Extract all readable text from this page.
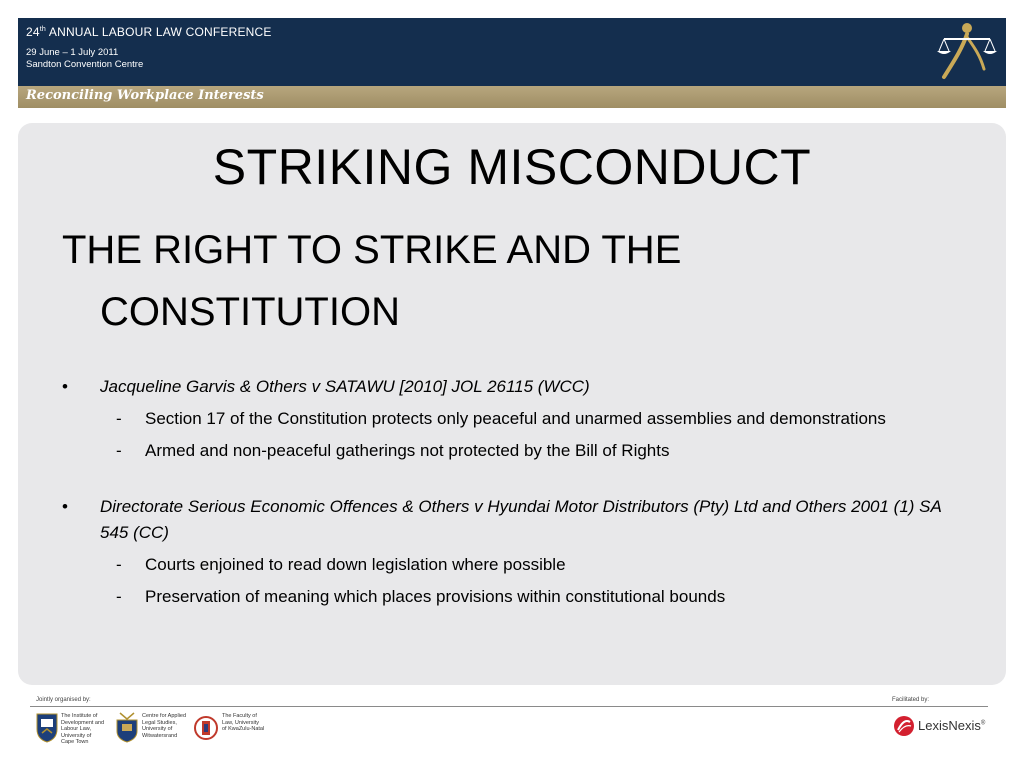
24th ANNUAL LABOUR LAW CONFERENCE
29 June – 1 July 2011
Sandton Convention Centre
Reconciling Workplace Interests
STRIKING MISCONDUCT
THE RIGHT TO STRIKE AND THE
CONSTITUTION
• Jacqueline Garvis & Others v SATAWU [2010] JOL 26115 (WCC)
- Section 17 of the Constitution protects only peaceful and unarmed assemblies and demonstrations
- Armed and non-peaceful gatherings not protected by the Bill of Rights
• Directorate Serious Economic Offences & Others v Hyundai Motor Distributors (Pty) Ltd and Others 2001 (1) SA 545 (CC)
- Courts enjoined to read down legislation where possible
- Preservation of meaning which places provisions within constitutional bounds
Jointly organised by:	Facilitated by:
The Institute of
Development and
Labour Law,
University of
Cape Town
Centre for Applied
Legal Studies,
University of
Witwatersrand
The Faculty of
Law, University
of KwaZulu-Natal	LexisNexis®
